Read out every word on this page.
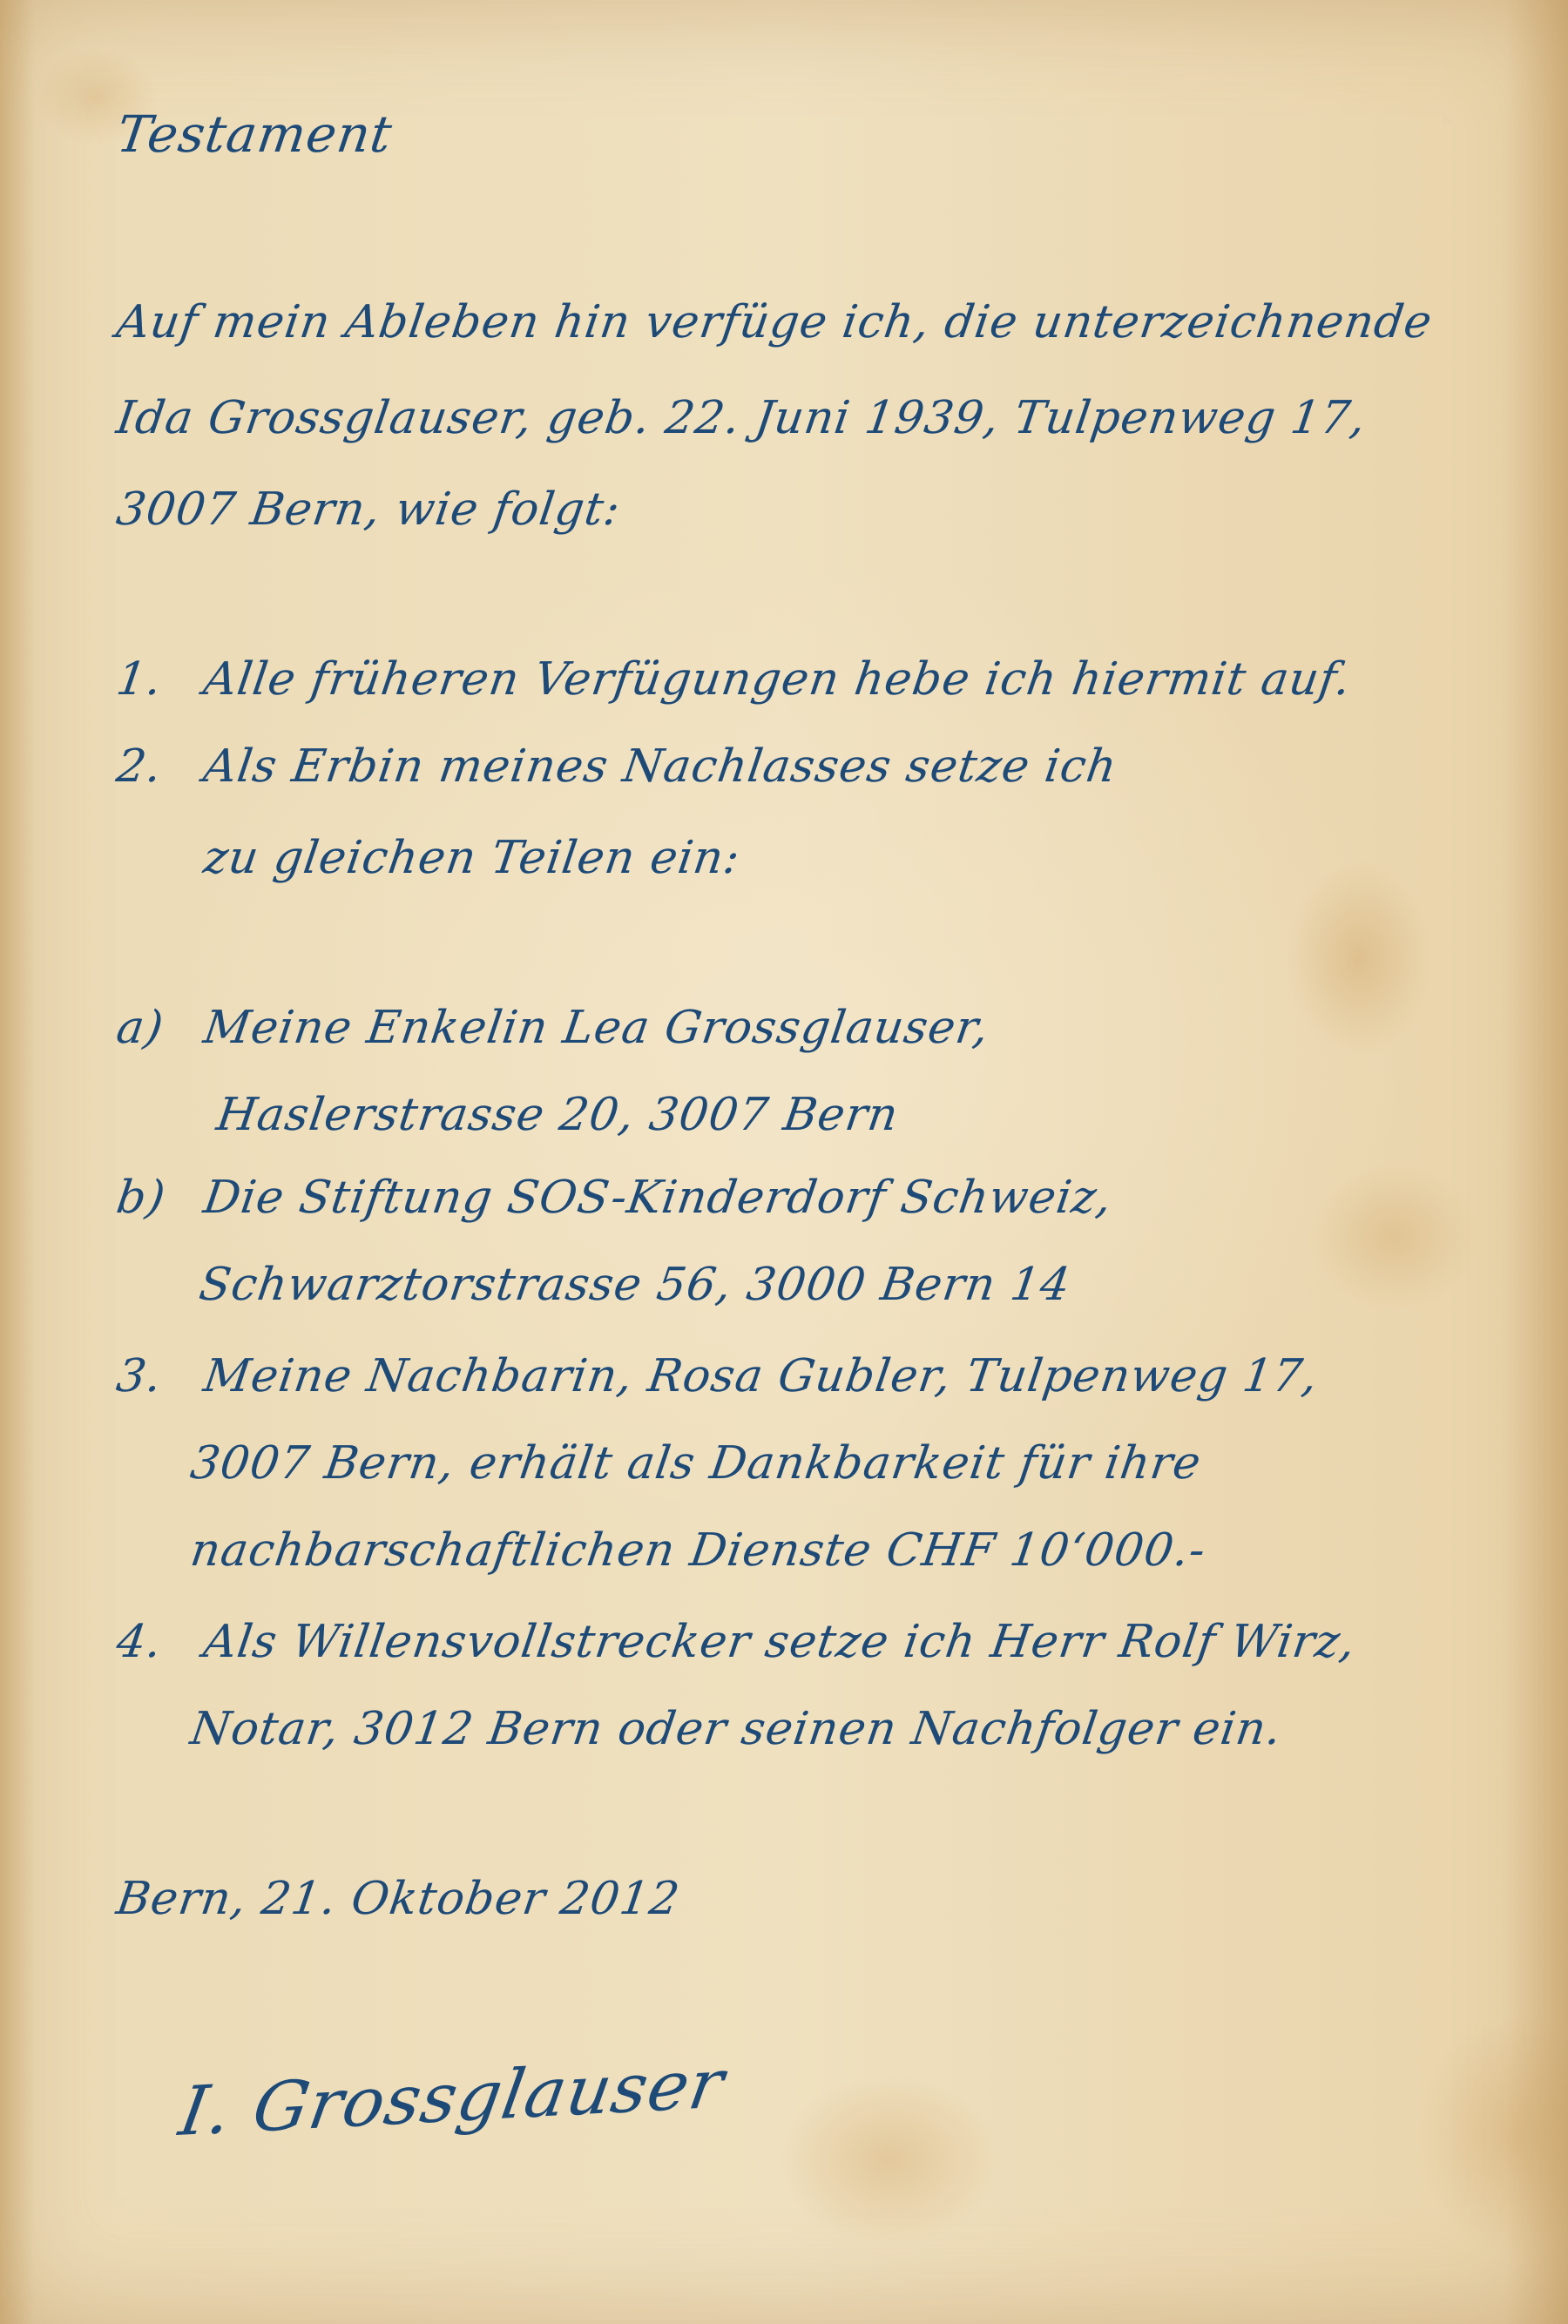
Testament
Auf mein Ableben hin verfüge ich, die unterzeichnende
Ida Grossglauser, geb. 22. Juni 1939, Tulpenweg 17,
3007 Bern, wie folgt:
1. Alle früheren Verfügungen hebe ich hiermit auf.
2. Als Erbin meines Nachlasses setze ich
zu gleichen Teilen ein:
a) Meine Enkelin Lea Grossglauser,
Haslerstrasse 20, 3007 Bern
b) Die Stiftung SOS-Kinderdorf Schweiz,
Schwarztorstrasse 56, 3000 Bern 14
3. Meine Nachbarin, Rosa Gubler, Tulpenweg 17,
3007 Bern, erhält als Dankbarkeit für ihre
nachbarschaftlichen Dienste CHF 10‘000.-
4. Als Willensvollstrecker setze ich Herr Rolf Wirz,
Notar, 3012 Bern oder seinen Nachfolger ein.
Bern, 21. Oktober 2012
I. Grossglauser
